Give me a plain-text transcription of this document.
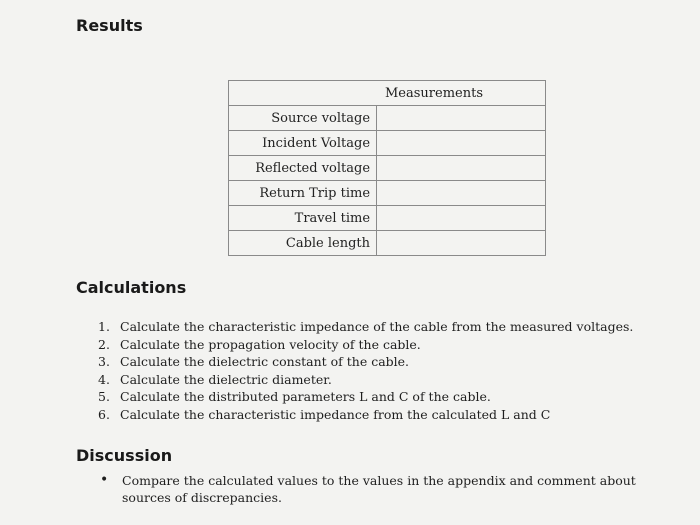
Results
Measurements	
Source voltage	
Incident Voltage	
Reflected voltage	
Return Trip time	
Travel time	
Cable length	
Calculations
1. Calculate the characteristic impedance of the cable from the measured voltages.
2. Calculate the propagation velocity of the cable.
3. Calculate the dielectric constant of the cable.
4. Calculate the dielectric diameter.
5. Calculate the distributed parameters L and C of the cable.
6. Calculate the characteristic impedance from the calculated L and C
Discussion
•	Compare the calculated values to the values in the appendix and comment about sources of discrepancies.
